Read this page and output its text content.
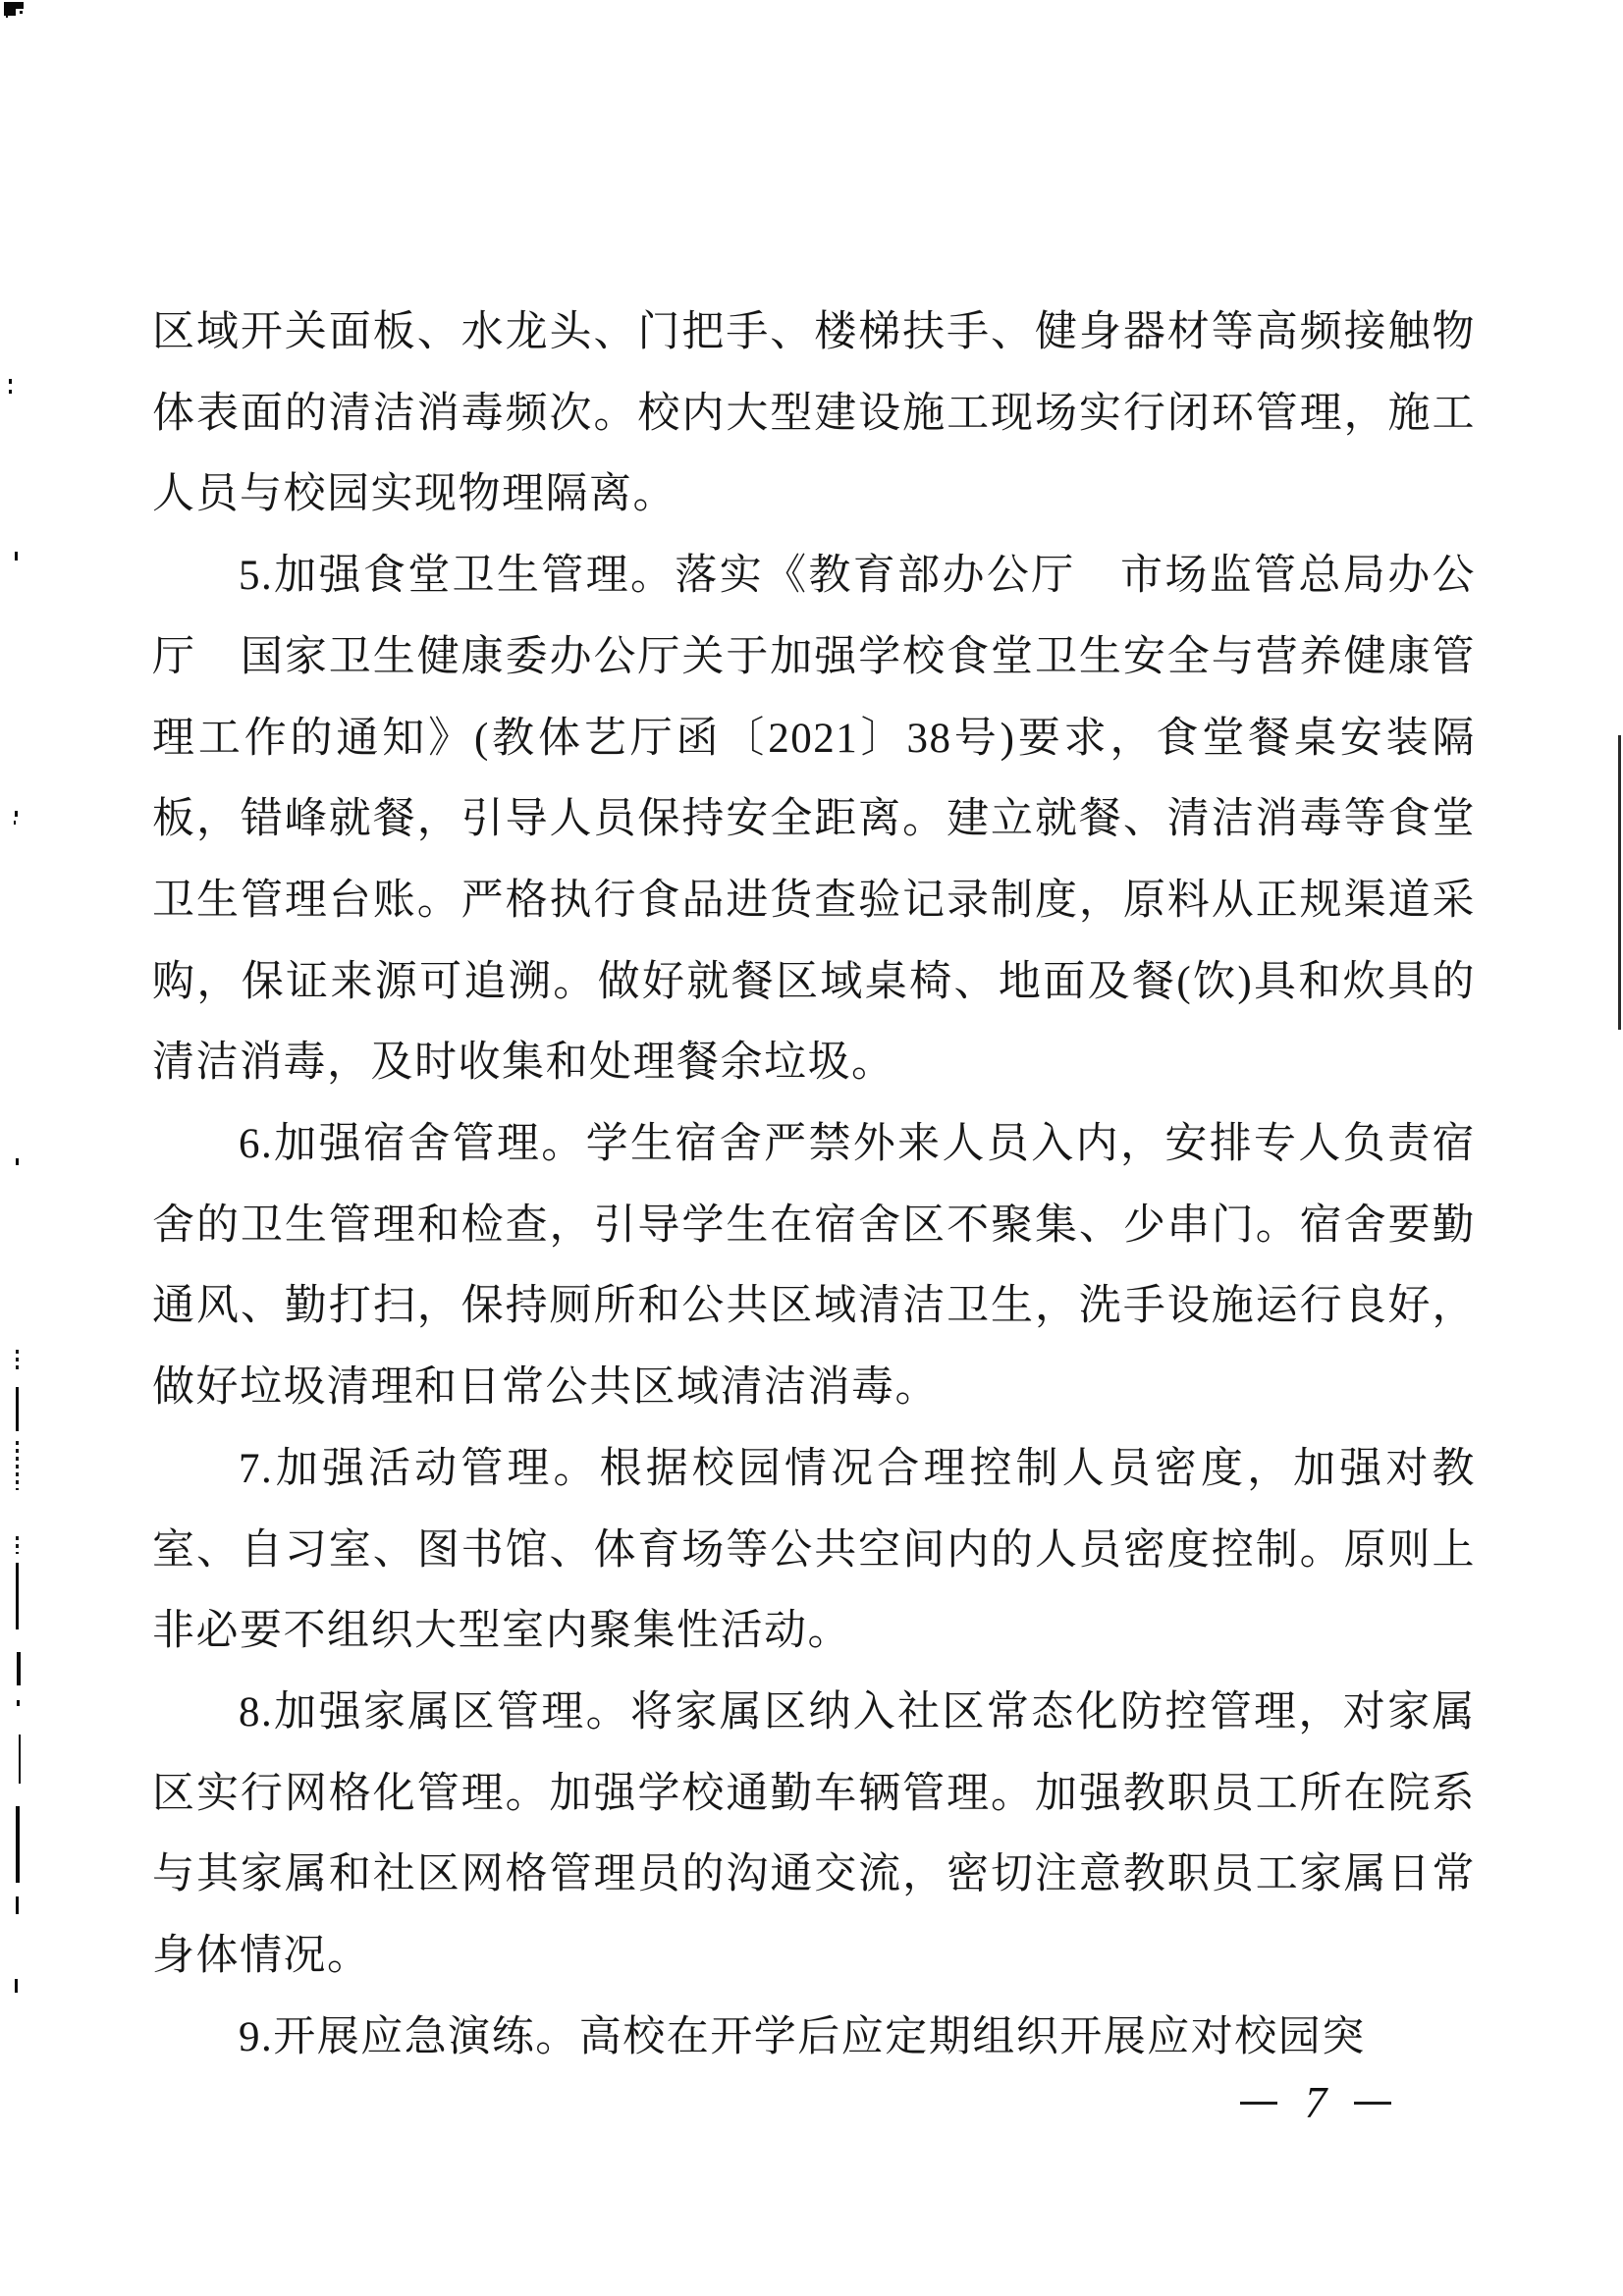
区域开关面板、水龙头、门把手、楼梯扶手、健身器材等高频接触物体表面的清洁消毒频次。校内大型建设施工现场实行闭环管理，施工人员与校园实现物理隔离。

5.加强食堂卫生管理。落实《教育部办公厅　市场监管总局办公厅　国家卫生健康委办公厅关于加强学校食堂卫生安全与营养健康管理工作的通知》(教体艺厅函〔2021〕38号)要求，食堂餐桌安装隔板，错峰就餐，引导人员保持安全距离。建立就餐、清洁消毒等食堂卫生管理台账。严格执行食品进货查验记录制度，原料从正规渠道采购，保证来源可追溯。做好就餐区域桌椅、地面及餐(饮)具和炊具的清洁消毒，及时收集和处理餐余垃圾。

6.加强宿舍管理。学生宿舍严禁外来人员入内，安排专人负责宿舍的卫生管理和检查，引导学生在宿舍区不聚集、少串门。宿舍要勤通风、勤打扫，保持厕所和公共区域清洁卫生，洗手设施运行良好，做好垃圾清理和日常公共区域清洁消毒。

7.加强活动管理。根据校园情况合理控制人员密度，加强对教室、自习室、图书馆、体育场等公共空间内的人员密度控制。原则上非必要不组织大型室内聚集性活动。

8.加强家属区管理。将家属区纳入社区常态化防控管理，对家属区实行网格化管理。加强学校通勤车辆管理。加强教职员工所在院系与其家属和社区网格管理员的沟通交流，密切注意教职员工家属日常身体情况。

9.开展应急演练。高校在开学后应定期组织开展应对校园突

7
